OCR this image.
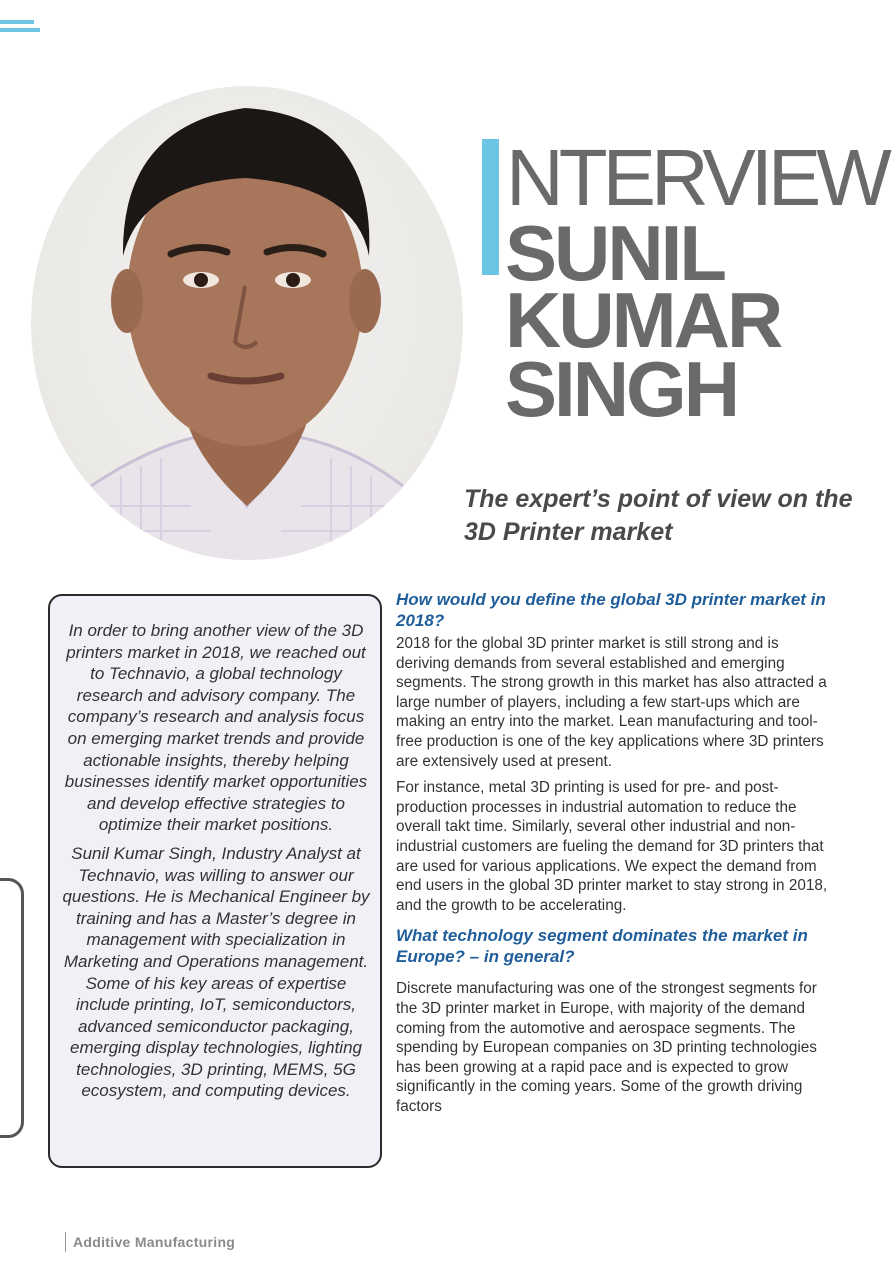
NTERVIEW
SUNIL
KUMAR
SINGH
The expert’s point of view on the 3D Printer market

In order to bring another view of the 3D printers market in 2018, we reached out to Technavio, a global technology research and advisory company. The company’s research and analysis focus on emerging market trends and provide actionable insights, thereby helping businesses identify market opportunities and develop effective strategies to optimize their market positions.

Sunil Kumar Singh, Industry Analyst at Technavio, was willing to answer our questions. He is Mechanical Engineer by training and has a Master’s degree in management with specialization in Marketing and Operations management. Some of his key areas of expertise include printing, IoT, semiconductors, advanced semiconductor packaging, emerging display technologies, lighting technologies, 3D printing, MEMS, 5G ecosystem, and computing devices.

How would you define the global 3D printer market in 2018?

2018 for the global 3D printer market is still strong and is deriving demands from several established and emerging segments. The strong growth in this market has also attracted a large number of players, including a few start-ups which are making an entry into the market. Lean manufacturing and tool-free production is one of the key applications where 3D printers are extensively used at present.

For instance, metal 3D printing is used for pre- and post-production processes in industrial automation to reduce the overall takt time. Similarly, several other industrial and non-industrial customers are fueling the demand for 3D printers that are used for various applications. We expect the demand from end users in the global 3D printer market to stay strong in 2018, and the growth to be accelerating.

What technology segment dominates the market in Europe? – in general?

Discrete manufacturing was one of the strongest segments for the 3D printer market in Europe, with majority of the demand coming from the automotive and aerospace segments. The spending by European companies on 3D printing technologies has been growing at a rapid pace and is expected to grow significantly in the coming years. Some of the growth driving factors

Additive Manufacturing
